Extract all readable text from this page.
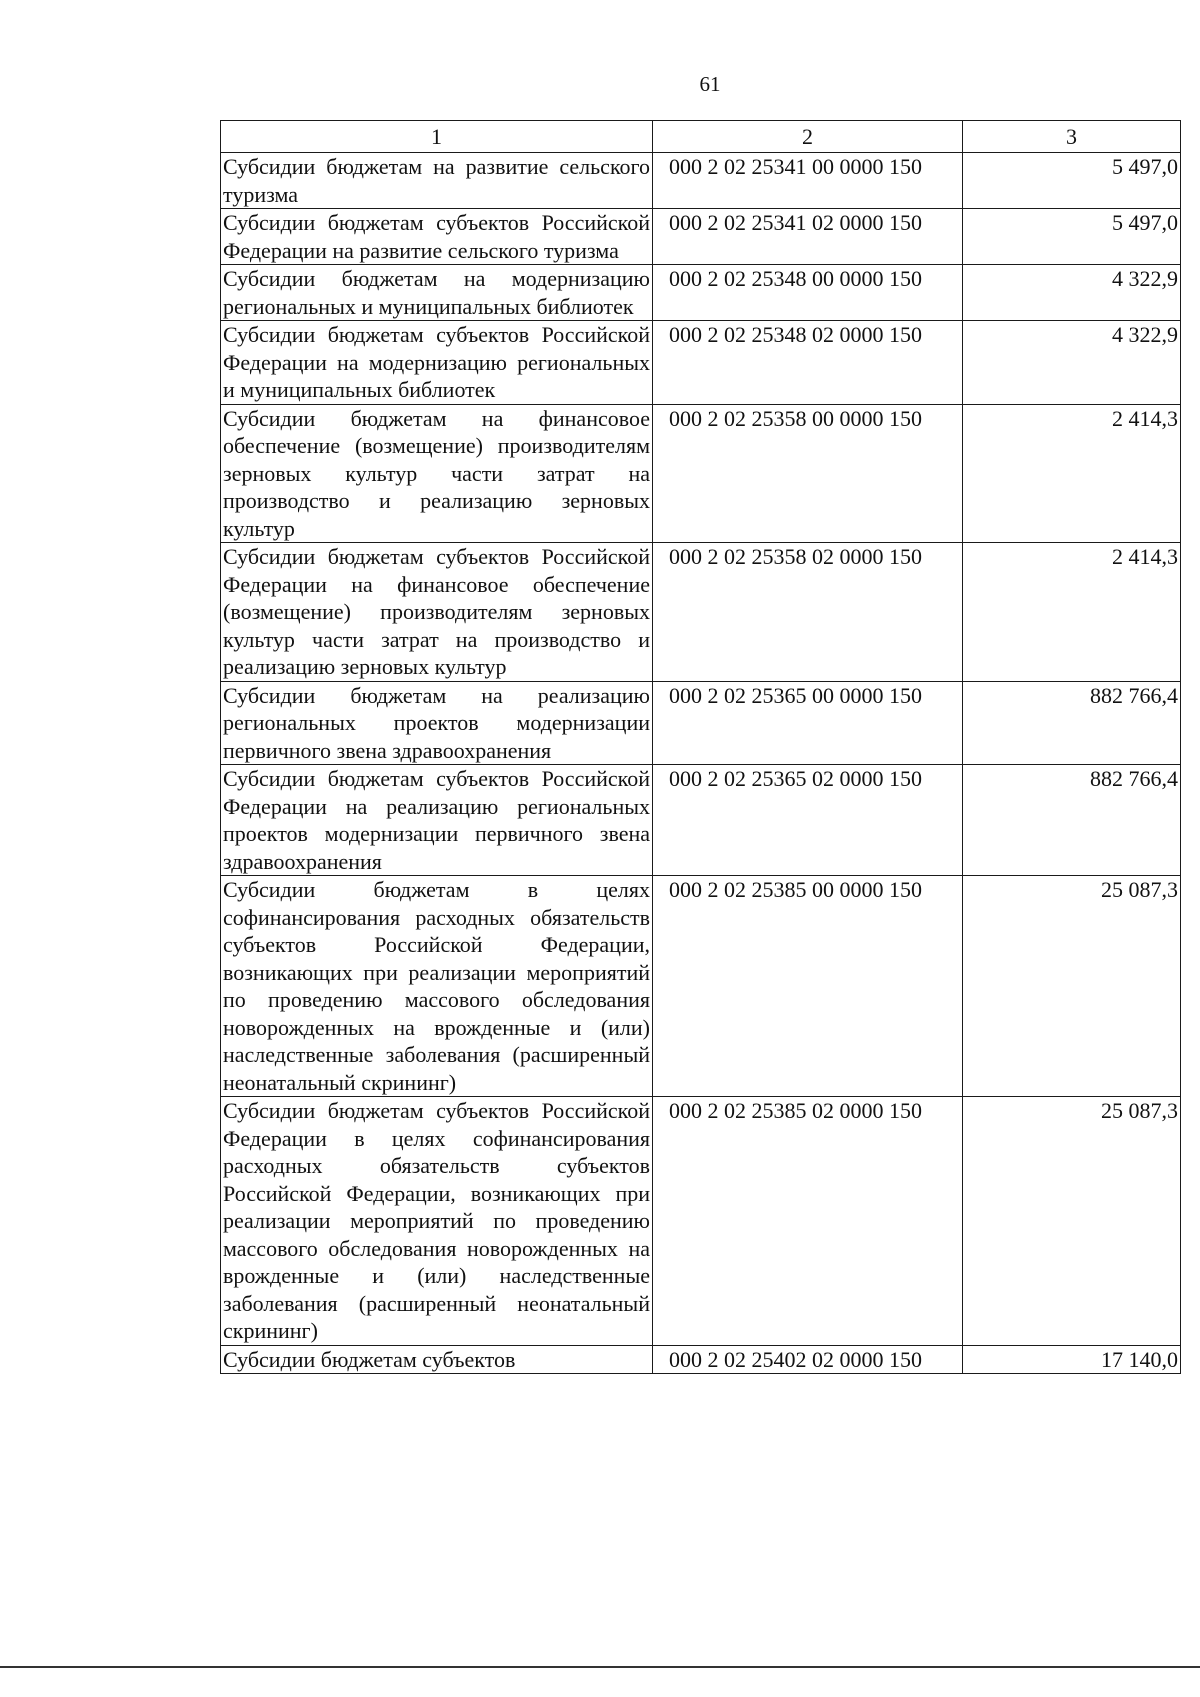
61
1	2	3
Субсидии бюджетам на развитие сельского туризма	000 2 02 25341 00 0000 150	5 497,0
Субсидии бюджетам субъектов Российской Федерации на развитие сельского туризма	000 2 02 25341 02 0000 150	5 497,0
Субсидии бюджетам на модернизацию региональных и муниципальных библиотек	000 2 02 25348 00 0000 150	4 322,9
Субсидии бюджетам субъектов Российской Федерации на модернизацию региональных и муниципальных библиотек	000 2 02 25348 02 0000 150	4 322,9
Субсидии бюджетам на финансовое обеспечение (возмещение) производителям зерновых культур части затрат на производство и реализацию зерновых культур	000 2 02 25358 00 0000 150	2 414,3
Субсидии бюджетам субъектов Российской Федерации на финансовое обеспечение (возмещение) производителям зерновых культур части затрат на производство и реализацию зерновых культур	000 2 02 25358 02 0000 150	2 414,3
Субсидии бюджетам на реализацию региональных проектов модернизации первичного звена здравоохранения	000 2 02 25365 00 0000 150	882 766,4
Субсидии бюджетам субъектов Российской Федерации на реализацию региональных проектов модернизации первичного звена здравоохранения	000 2 02 25365 02 0000 150	882 766,4
Субсидии бюджетам в целях софинансирования расходных обязательств субъектов Российской Федерации, возникающих при реализации мероприятий по проведению массового обследования новорожденных на врожденные и (или) наследственные заболевания (расширенный неонатальный скрининг)	000 2 02 25385 00 0000 150	25 087,3
Субсидии бюджетам субъектов Российской Федерации в целях софинансирования расходных обязательств субъектов Российской Федерации, возникающих при реализации мероприятий по проведению массового обследования новорожденных на врожденные и (или) наследственные заболевания (расширенный неонатальный скрининг)	000 2 02 25385 02 0000 150	25 087,3
Субсидии бюджетам субъектов	000 2 02 25402 02 0000 150	17 140,0
